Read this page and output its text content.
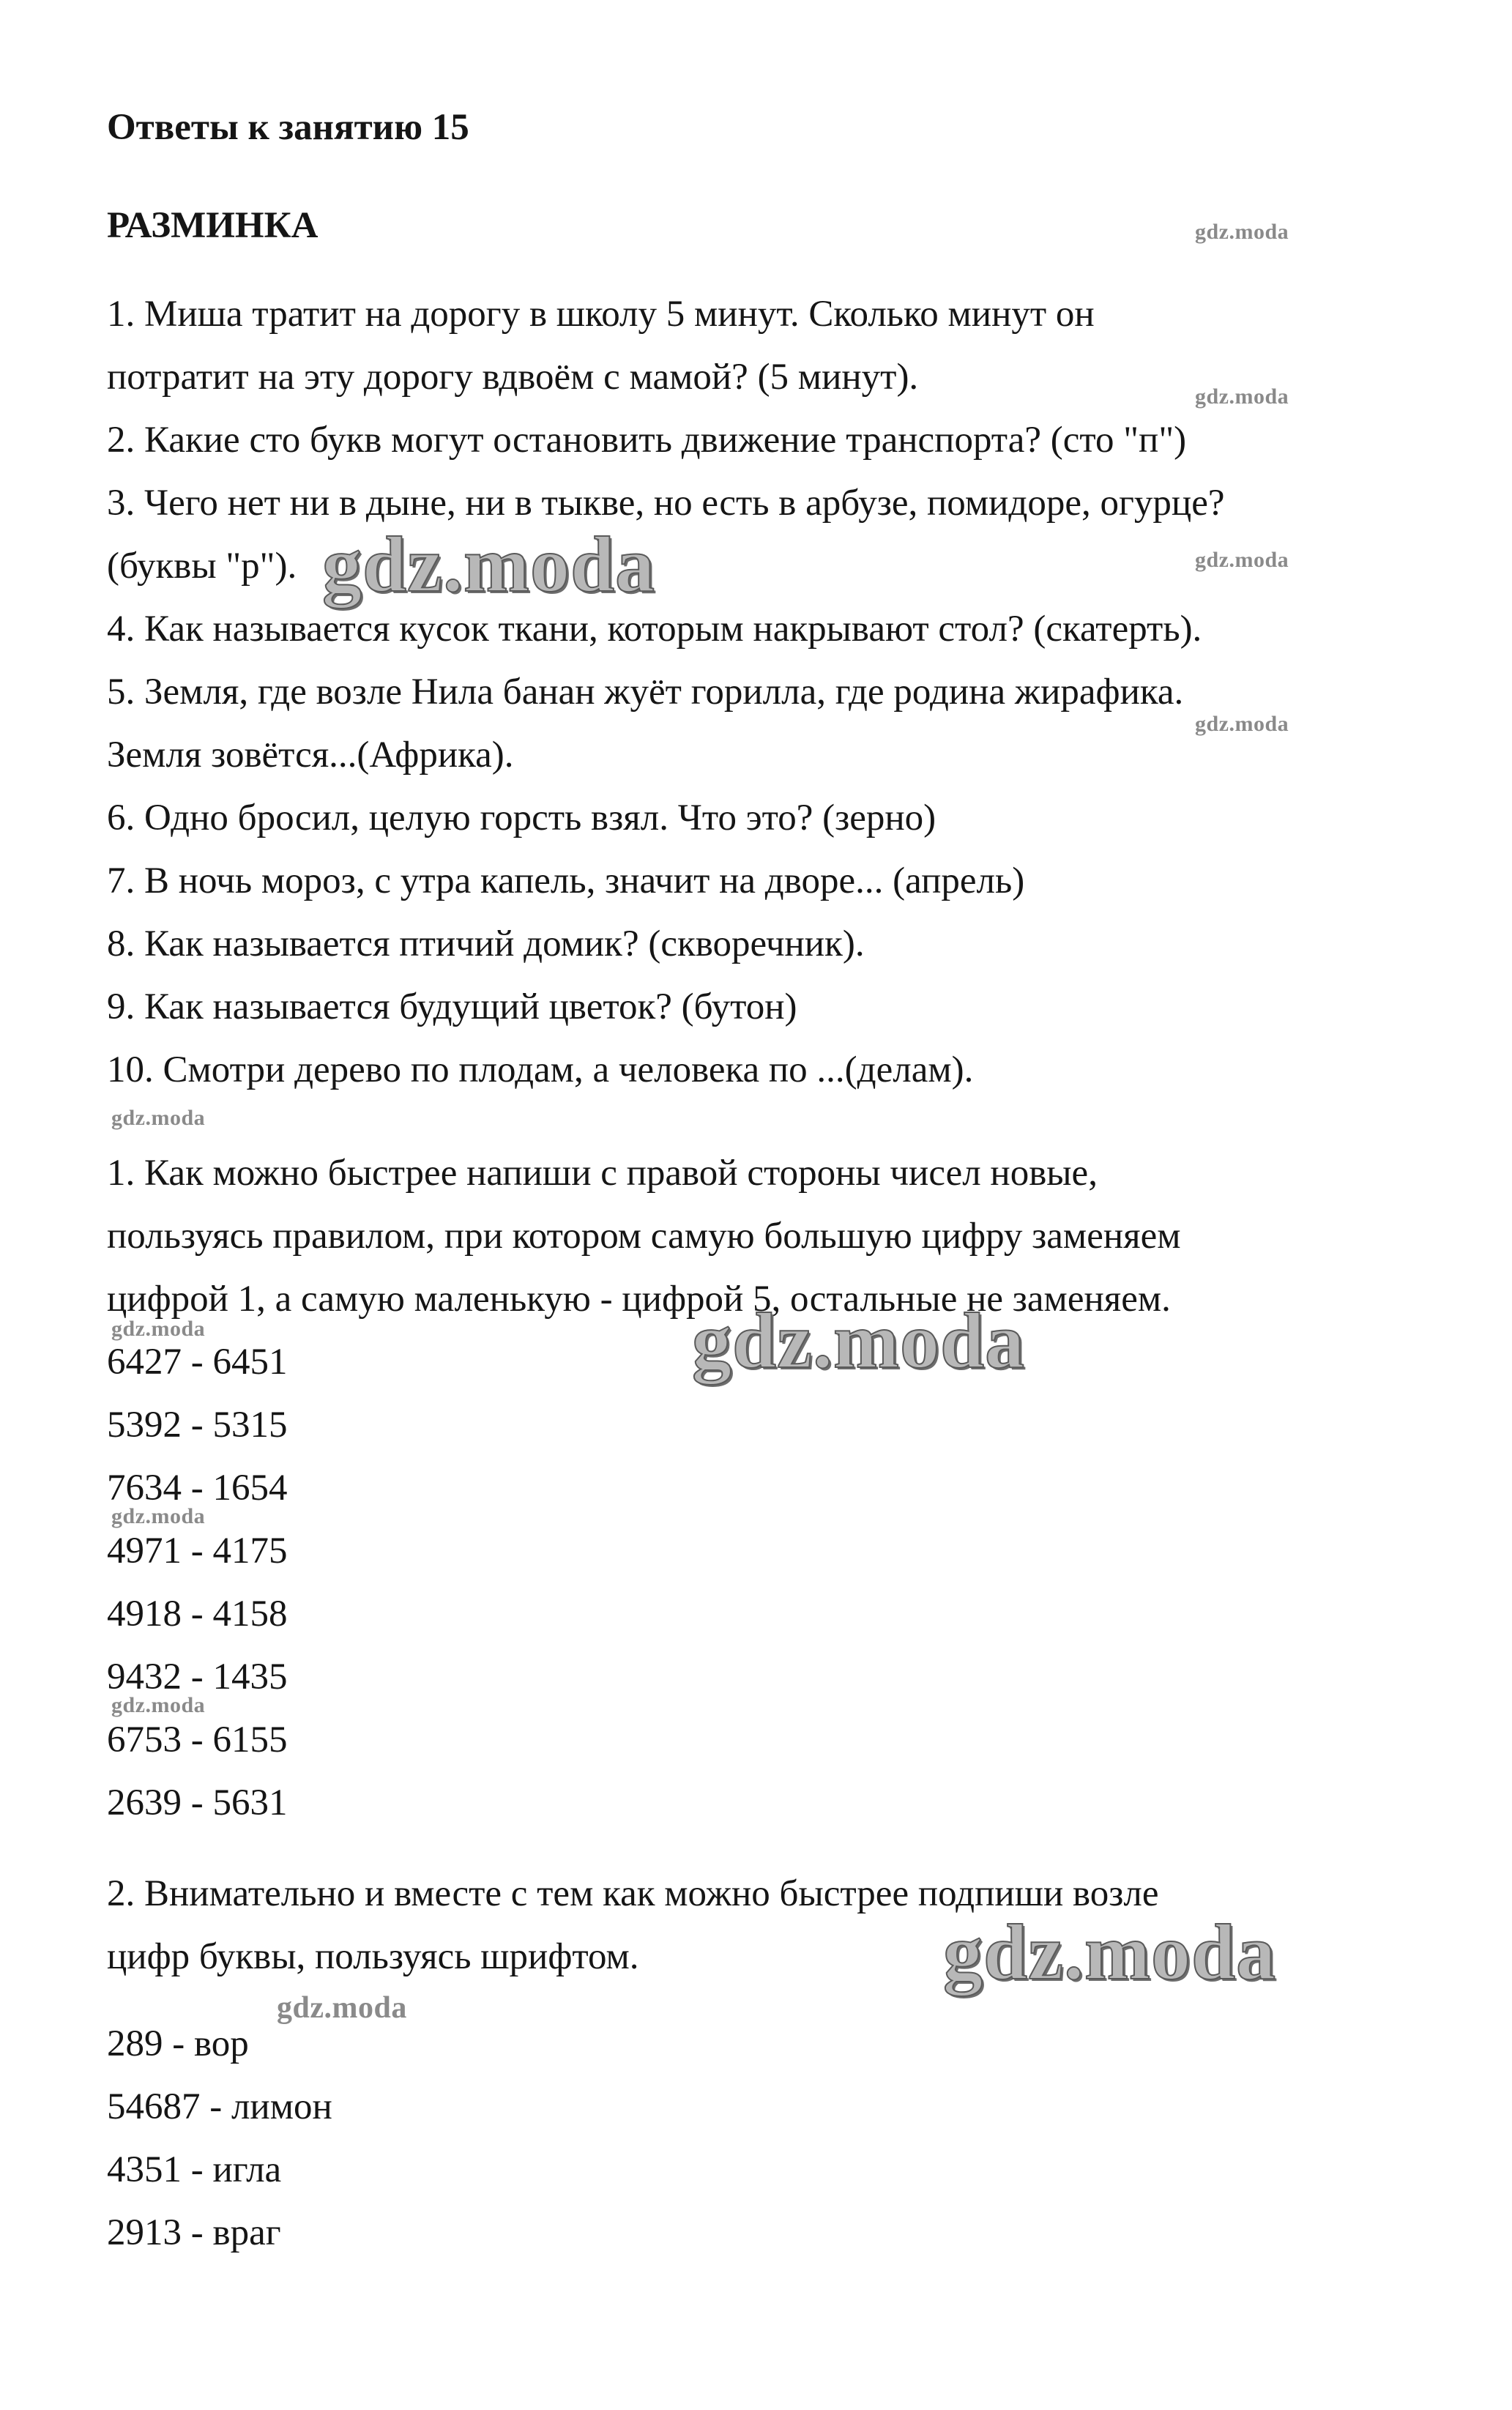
Ответы к занятию 15
РАЗМИНКА
1. Миша тратит на дорогу в школу 5 минут. Сколько минут он
потратит на эту дорогу вдвоём с мамой? (5 минут).
2. Какие сто букв могут остановить движение транспорта? (сто "п")
3. Чего нет ни в дыне, ни в тыкве, но есть в арбузе, помидоре, огурце?
(буквы "р").
4. Как называется кусок ткани, которым накрывают стол? (скатерть).
5. Земля, где возле Нила банан жуёт горилла, где родина жирафика.
Земля зовётся...(Африка).
6. Одно бросил, целую горсть взял. Что это? (зерно)
7. В ночь мороз, с утра капель, значит на дворе... (апрель)
8. Как называется птичий домик? (скворечник).
9. Как называется будущий цветок? (бутон)
10. Смотри дерево по плодам, а человека по ...(делам).
1. Как можно быстрее напиши с правой стороны чисел новые,
пользуясь правилом, при котором самую большую цифру заменяем
цифрой 1, а самую маленькую - цифрой 5, остальные не заменяем.
6427 - 6451
5392 - 5315
7634 - 1654
4971 - 4175
4918 - 4158
9432 - 1435
6753 - 6155
2639 - 5631
2. Внимательно и вместе с тем как можно быстрее подпиши возле
цифр буквы, пользуясь шрифтом.
289 - вор
54687 - лимон
4351 - игла
2913 - враг
gdz.moda
gdz.moda
gdz.moda
gdz.moda
gdz.moda
gdz.moda
gdz.moda
gdz.moda
gdz.moda
gdz.moda
gdz.moda
gdz.moda
